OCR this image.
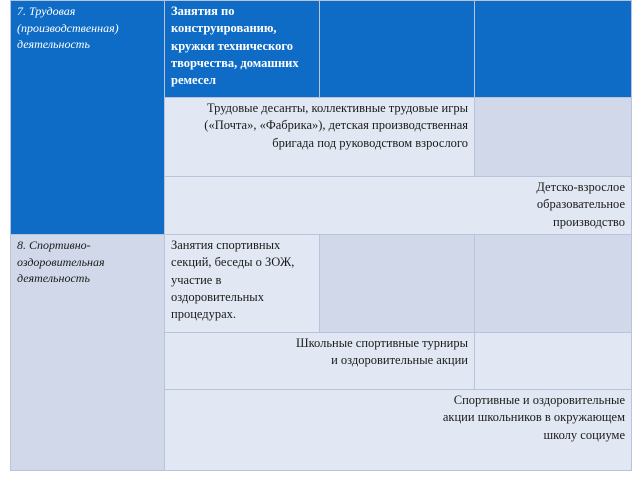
7. Трудовая (производственная) деятельность	Занятия по конструированию, кружки технического творчества, домашних ремесел		

	Трудовые десанты, коллективные трудовые игры («Почта», «Фабрика»), детская производственная бригада под руководством взрослого		

	Детско-взрослое образовательное производство		

8. Спортивно-оздоровительная деятельность	Занятия спортивных секций, беседы о ЗОЖ, участие в оздоровительных процедурах.		

	Школьные спортивные турниры и оздоровительные акции		

	Спортивные и оздоровительные акции школьников в окружающем школу социуме		
